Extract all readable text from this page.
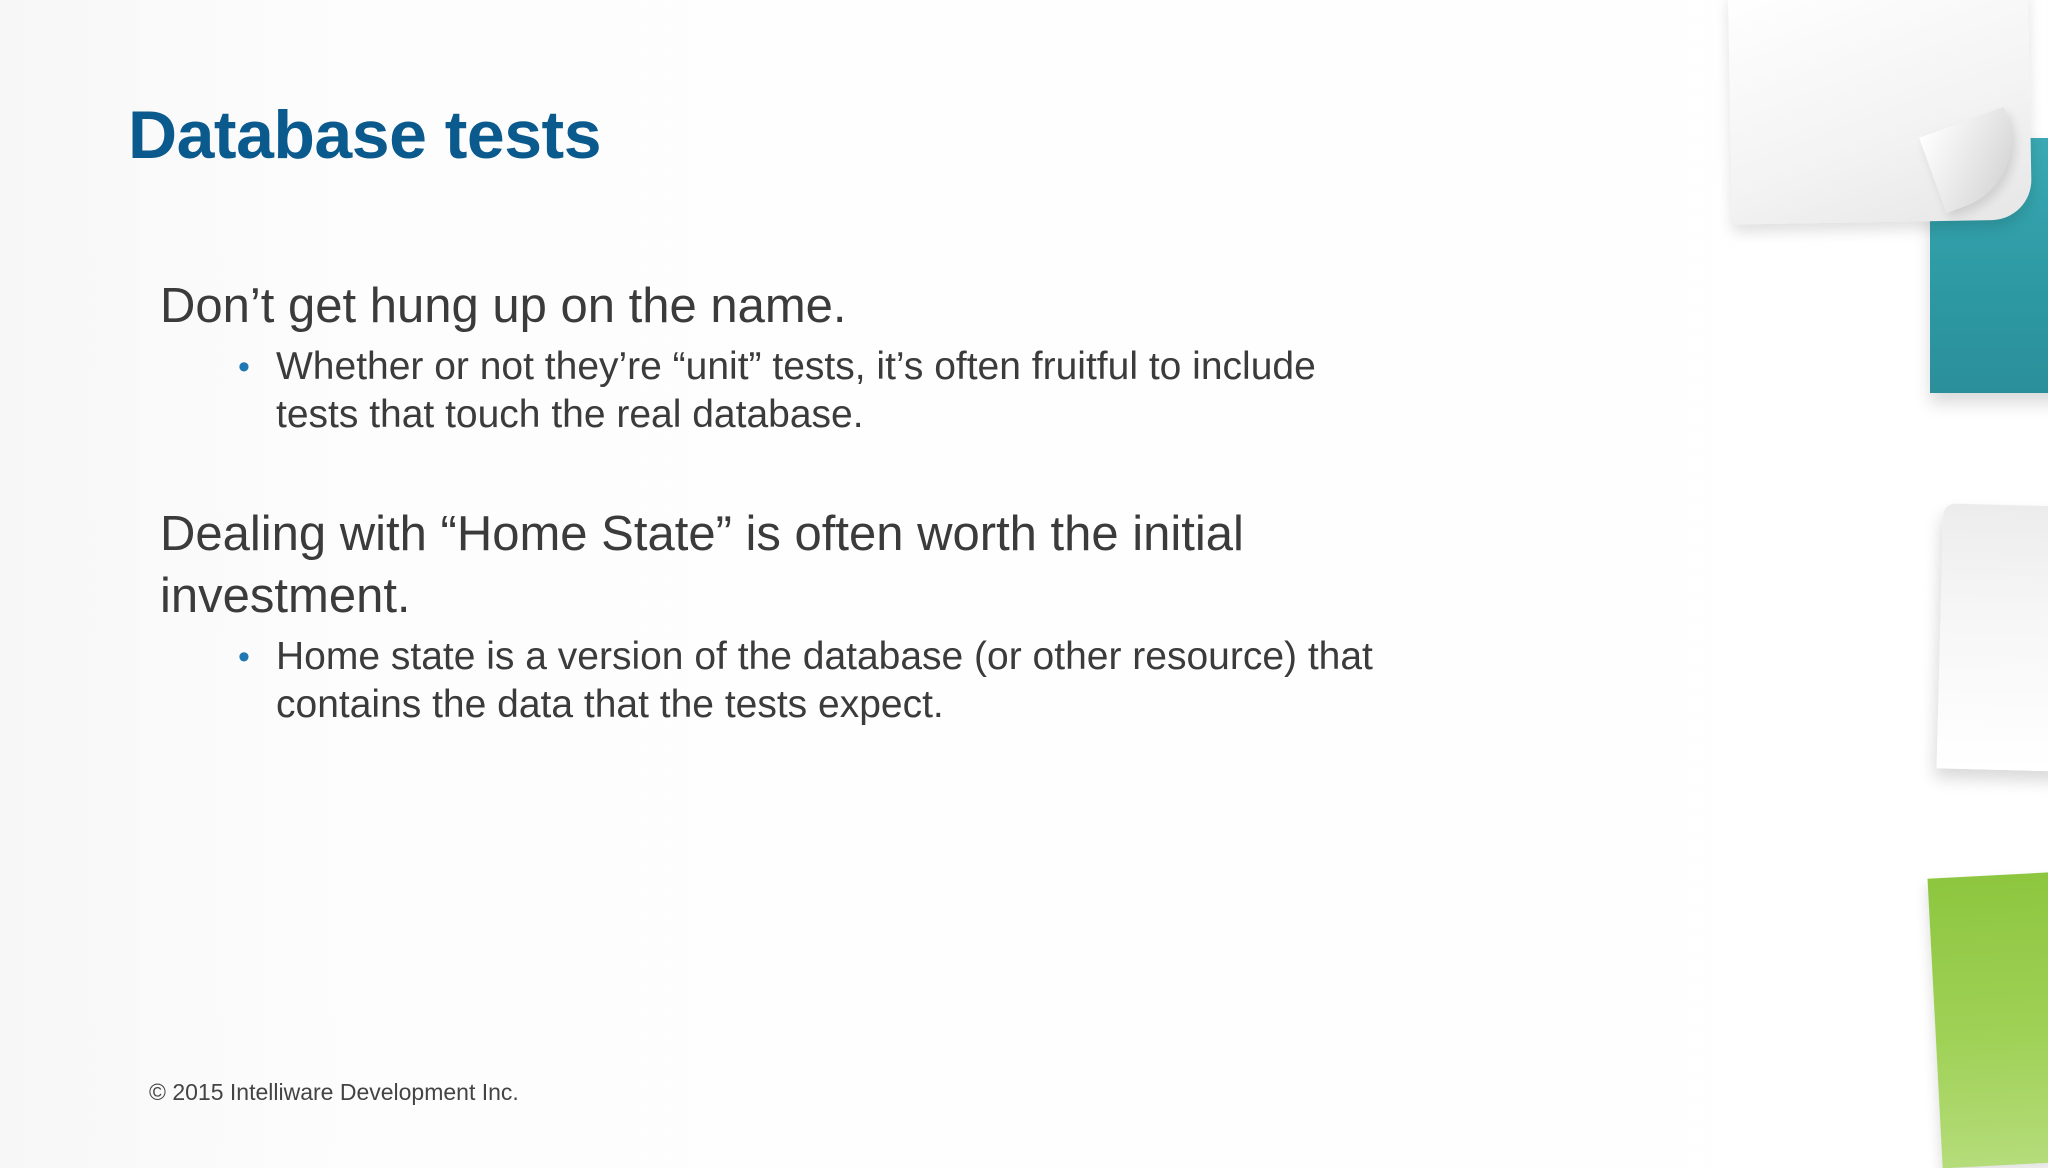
Database tests

Don’t get hung up on the name.

• Whether or not they’re “unit” tests, it’s often fruitful to include tests that touch the real database.

Dealing with “Home State” is often worth the initial investment.

• Home state is a version of the database (or other resource) that contains the data that the tests expect.

© 2015 Intelliware Development Inc.
